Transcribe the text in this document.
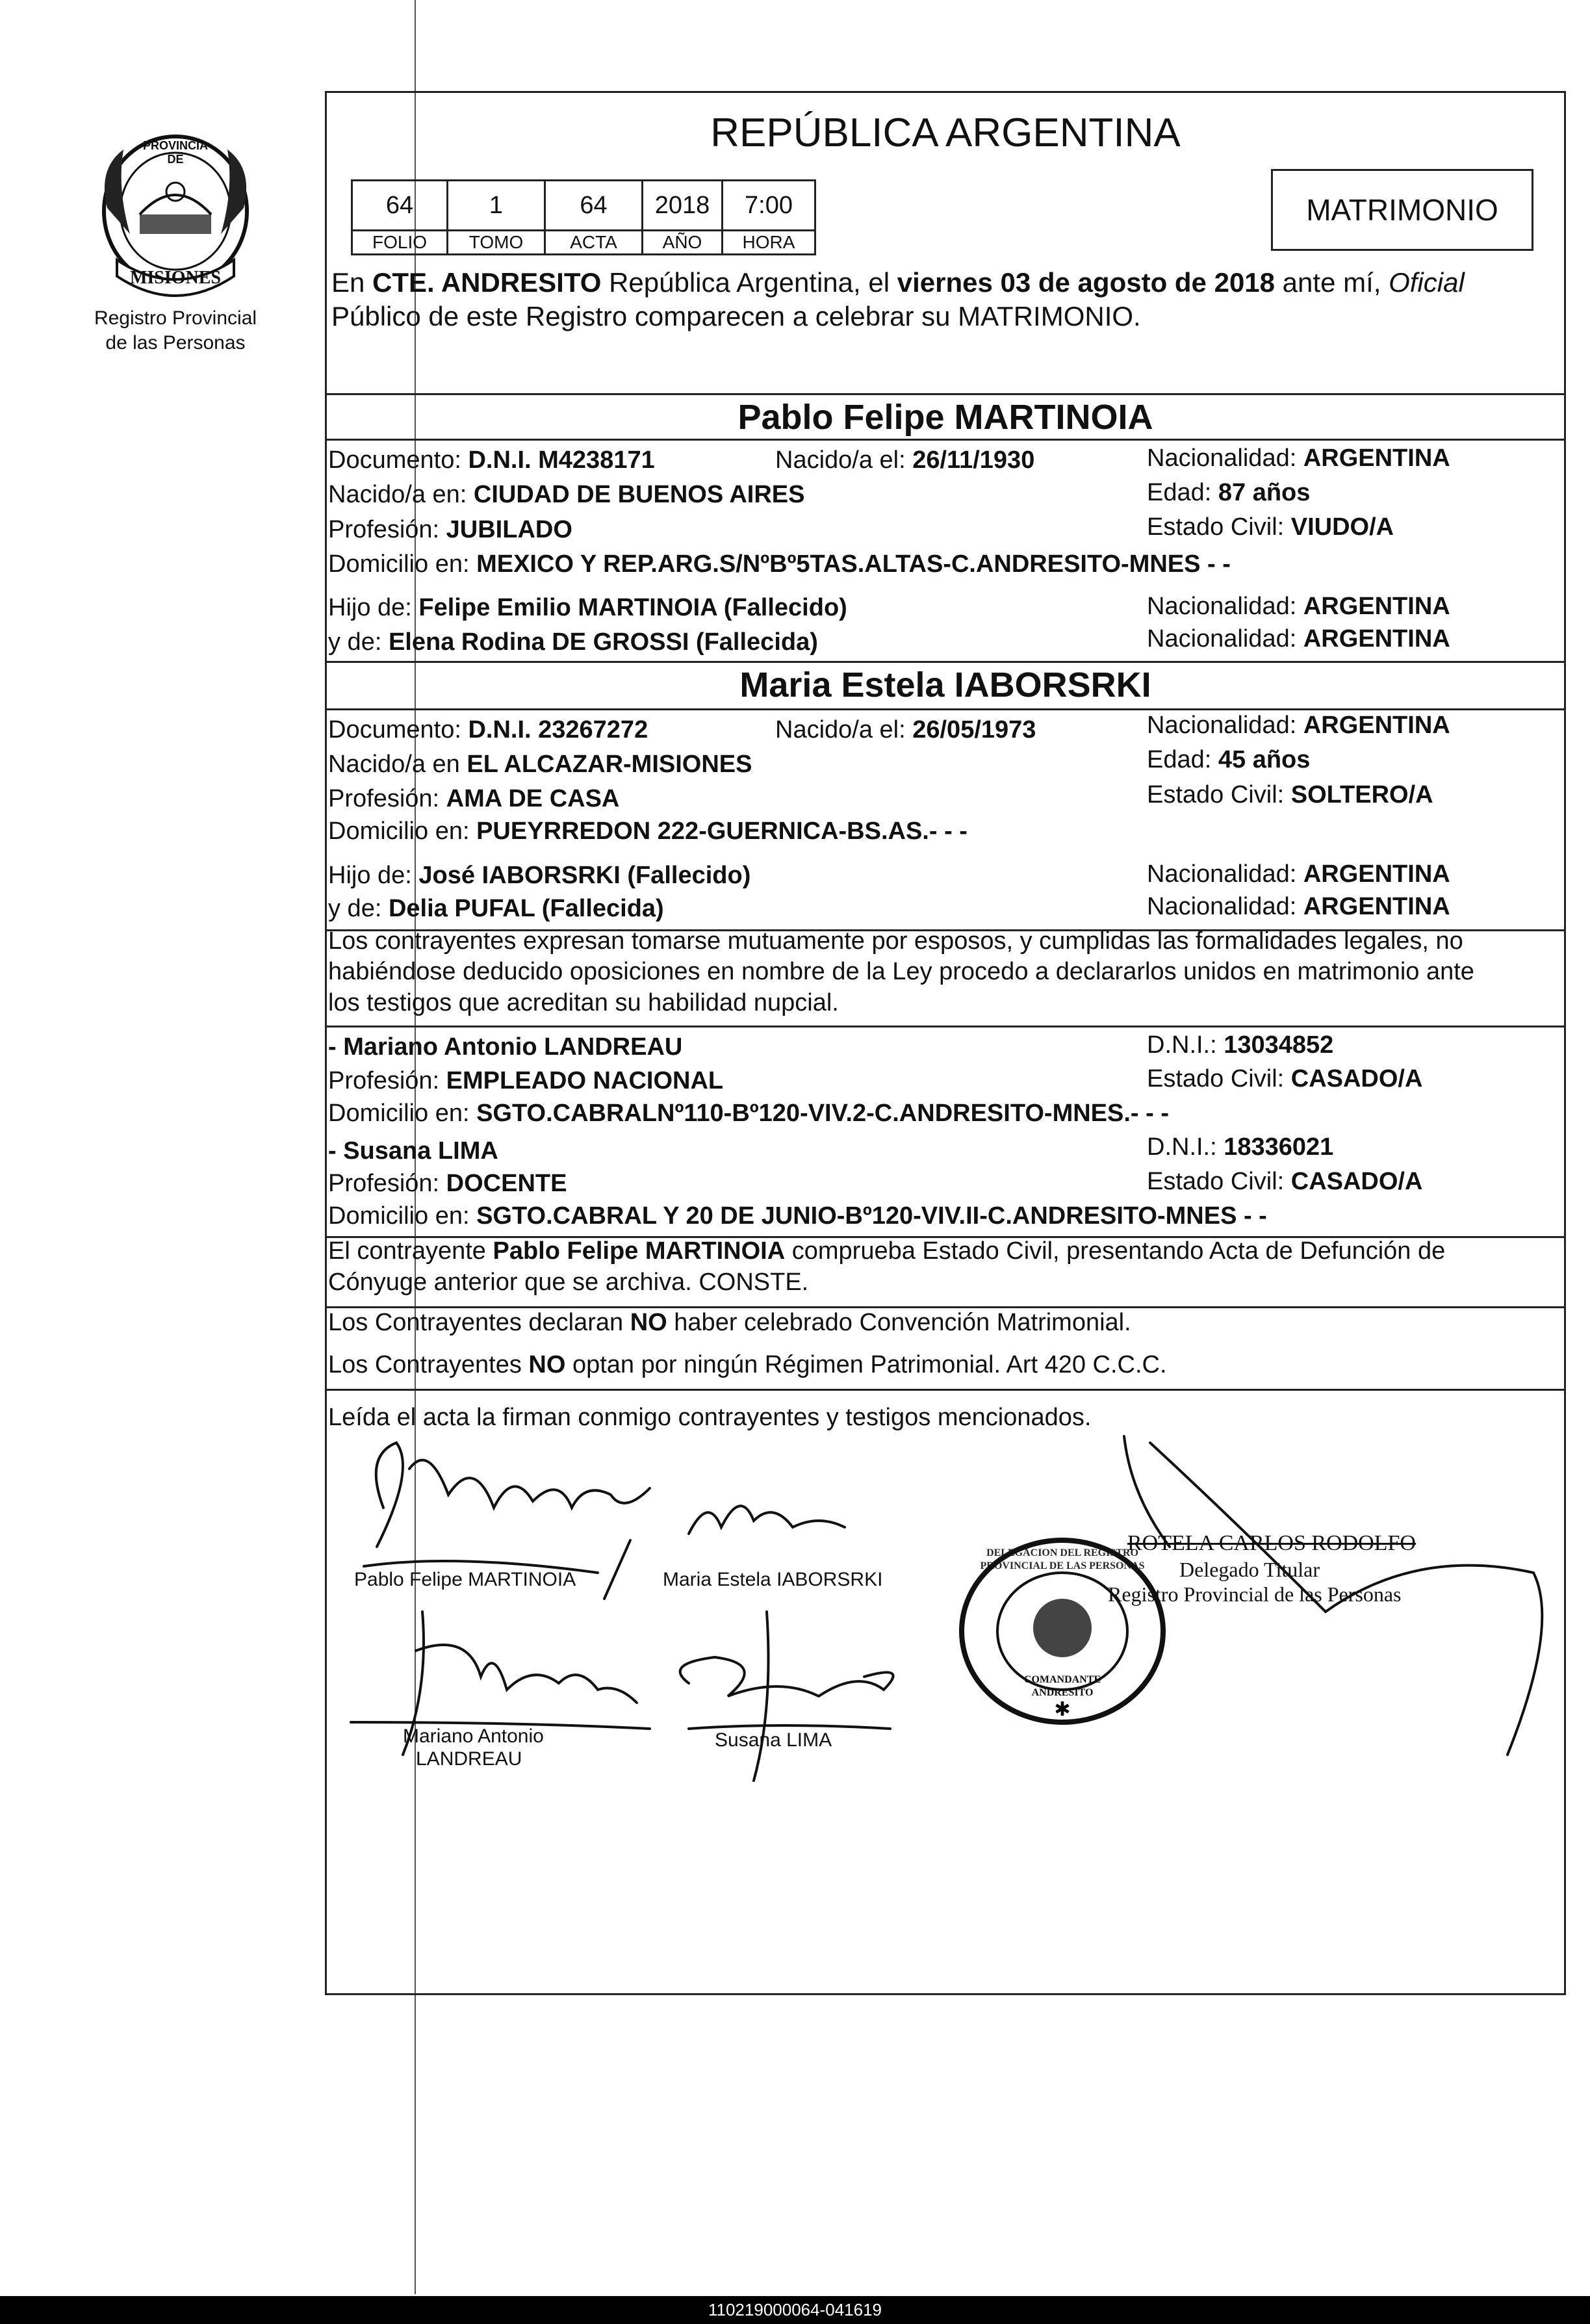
PROVINCIA DE
MISIONES
Registro Provincial
de las Personas
REPÚBLICA ARGENTINA
64	1	64	2018	7:00
FOLIO	TOMO	ACTA	AÑO	HORA
MATRIMONIO
En CTE. ANDRESITO República Argentina, el viernes 03 de agosto de 2018 ante mí, Oficial
Público de este Registro comparecen a celebrar su MATRIMONIO.
Pablo Felipe MARTINOIA
Documento: D.N.I. M4238171	Nacido/a el: 26/11/1930	Nacionalidad: ARGENTINA
Nacido/a en: CIUDAD DE BUENOS AIRES	Edad: 87 años
Profesión: JUBILADO	Estado Civil: VIUDO/A
Domicilio en: MEXICO Y REP.ARG.S/NºBº5TAS.ALTAS-C.ANDRESITO-MNES - -
Hijo de: Felipe Emilio MARTINOIA (Fallecido)	Nacionalidad: ARGENTINA
y de: Elena Rodina DE GROSSI (Fallecida)	Nacionalidad: ARGENTINA
Maria Estela IABORSRKI
Documento: D.N.I. 23267272	Nacido/a el: 26/05/1973	Nacionalidad: ARGENTINA
Nacido/a en EL ALCAZAR-MISIONES	Edad: 45 años
Profesión: AMA DE CASA	Estado Civil: SOLTERO/A
Domicilio en: PUEYRREDON 222-GUERNICA-BS.AS.- - -
Hijo de: José IABORSRKI (Fallecido)	Nacionalidad: ARGENTINA
y de: Delia PUFAL (Fallecida)	Nacionalidad: ARGENTINA
Los contrayentes expresan tomarse mutuamente por esposos, y cumplidas las formalidades legales, no
habiéndose deducido oposiciones en nombre de la Ley procedo a declararlos unidos en matrimonio ante
los testigos que acreditan su habilidad nupcial.
- Mariano Antonio LANDREAU	D.N.I.: 13034852
Profesión: EMPLEADO NACIONAL	Estado Civil: CASADO/A
Domicilio en: SGTO.CABRALNº110-Bº120-VIV.2-C.ANDRESITO-MNES.- - -
- Susana LIMA	D.N.I.: 18336021
Profesión: DOCENTE	Estado Civil: CASADO/A
Domicilio en: SGTO.CABRAL Y 20 DE JUNIO-Bº120-VIV.II-C.ANDRESITO-MNES - -
El contrayente Pablo Felipe MARTINOIA comprueba Estado Civil, presentando Acta de Defunción de
Cónyuge anterior que se archiva. CONSTE.
Los Contrayentes declaran NO haber celebrado Convención Matrimonial.
Los Contrayentes NO optan por ningún Régimen Patrimonial. Art 420 C.C.C.
Leída el acta la firman conmigo contrayentes y testigos mencionados.
Pablo Felipe MARTINOIA	Maria Estela IABORSRKI
Mariano Antonio
LANDREAU
Susana LIMA
ROTELA CARLOS RODOLFO
Delegado Titular
Registro Provincial de las Personas
✱
DELEGACION DEL REGISTRO PROVINCIAL DE LAS PERSONAS
COMANDANTE ANDRESITO
110219000064-041619
